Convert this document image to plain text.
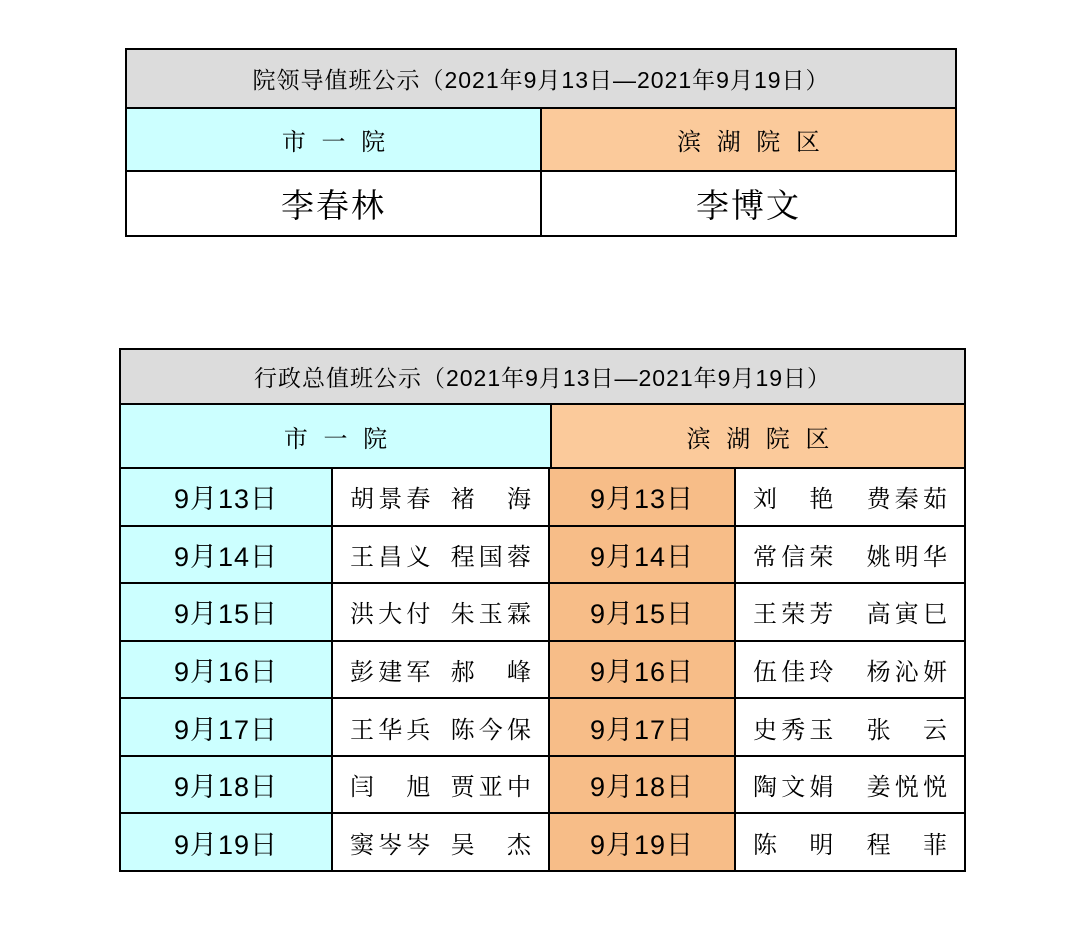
院领导值班公示（2021年9月13日—2021年9月19日）
市一院	滨湖院区
李春林	李博文
行政总值班公示（2021年9月13日—2021年9月19日）
市一院	滨湖院区
9月13日	胡景春 褚海 9月13日 刘艳 费秦茹
9月14日	王昌义 程国蓉 9月14日 常信荣 姚明华
9月15日	洪大付 朱玉霖 9月15日 王荣芳 高寅巳
9月16日	彭建军 郝峰 9月16日 伍佳玲 杨沁妍
9月17日	王华兵 陈今保 9月17日 史秀玉 张云
9月18日	闫旭 贾亚中 9月18日 陶文娟 姜悦悦
9月19日	窦岑岑 吴杰 9月19日 陈明 程菲
